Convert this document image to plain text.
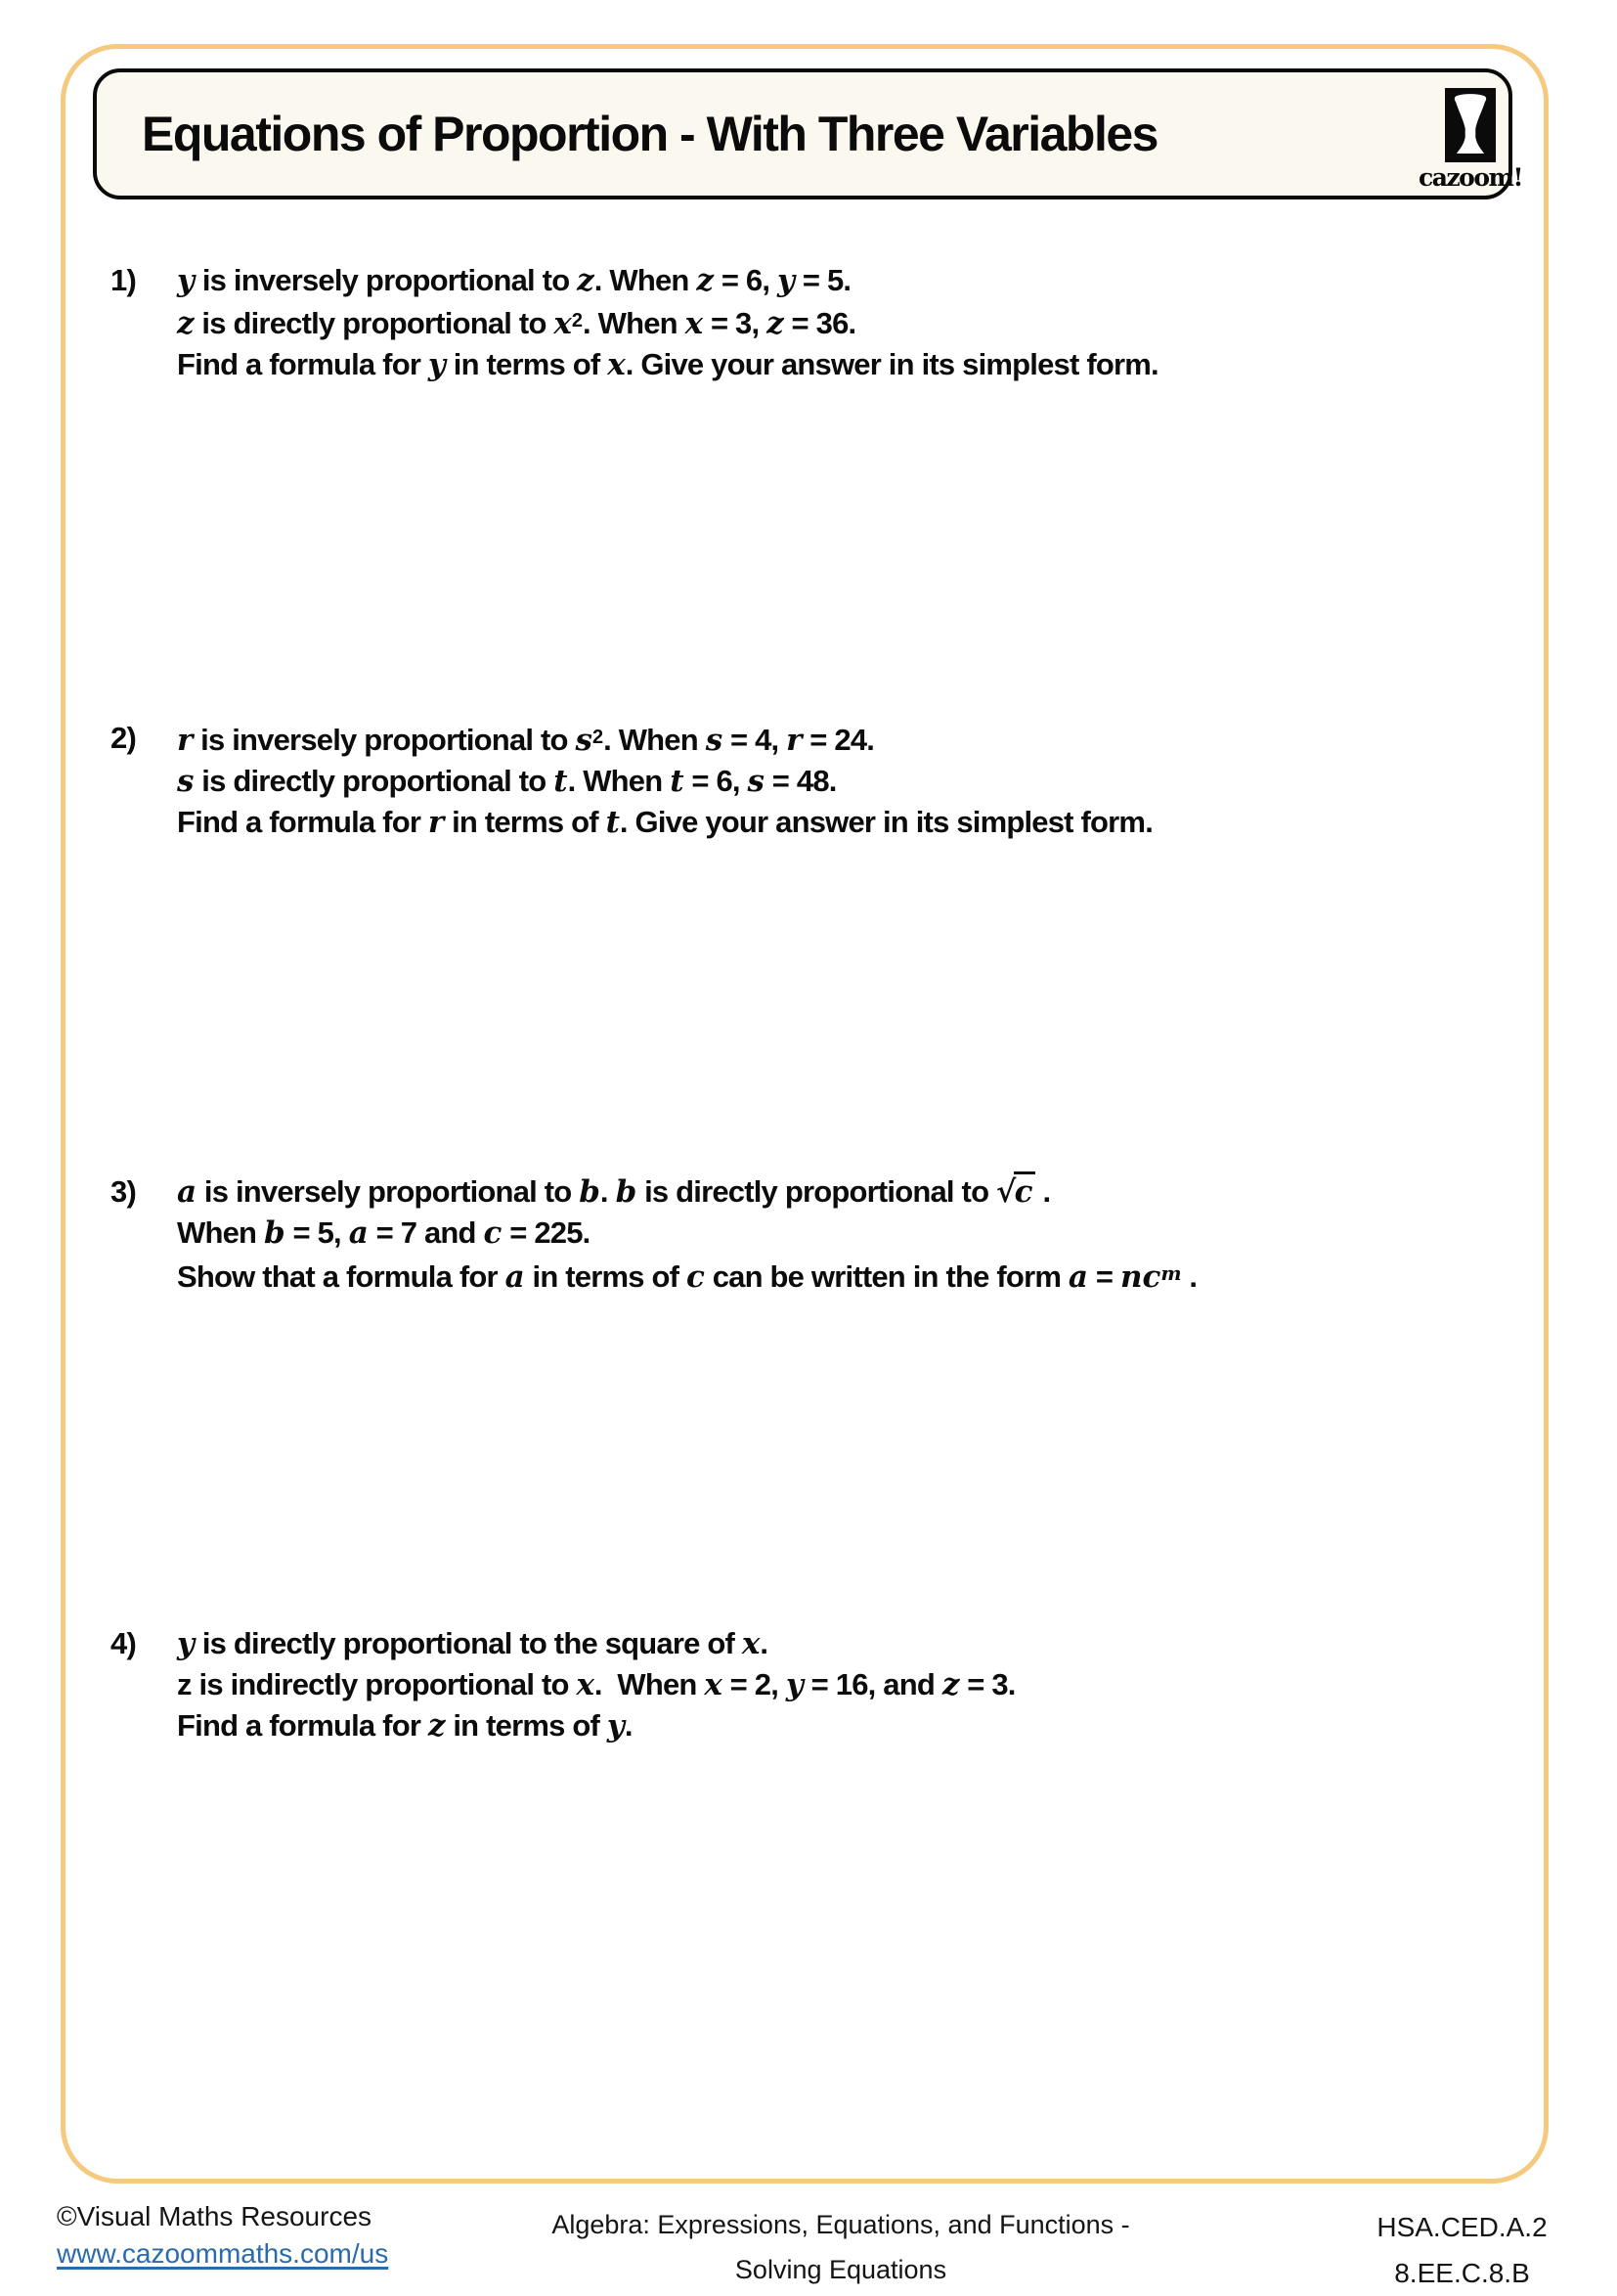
Equations of Proportion - With Three Variables
cazoom!
1) y is inversely proportional to z. When z = 6, y = 5.
z is directly proportional to $x^2$. When x = 3, z = 36.
Find a formula for y in terms of x. Give your answer in its simplest form.
2) r is inversely proportional to $s^2$. When s = 4, r = 24.
s is directly proportional to t. When t = 6, s = 48.
Find a formula for r in terms of t. Give your answer in its simplest form.
3) a is inversely proportional to b. b is directly proportional to √c .
When b = 5, a = 7 and c = 225.
Show that a formula for a in terms of c can be written in the form $a = nc^m$ .
4) y is directly proportional to the square of x.
z is indirectly proportional to x.  When x = 2, y = 16, and z = 3.
Find a formula for z in terms of y.
©Visual Maths Resources
www.cazoommaths.com/us
Algebra: Expressions, Equations, and Functions -
Solving Equations
HSA.CED.A.2
8.EE.C.8.B
